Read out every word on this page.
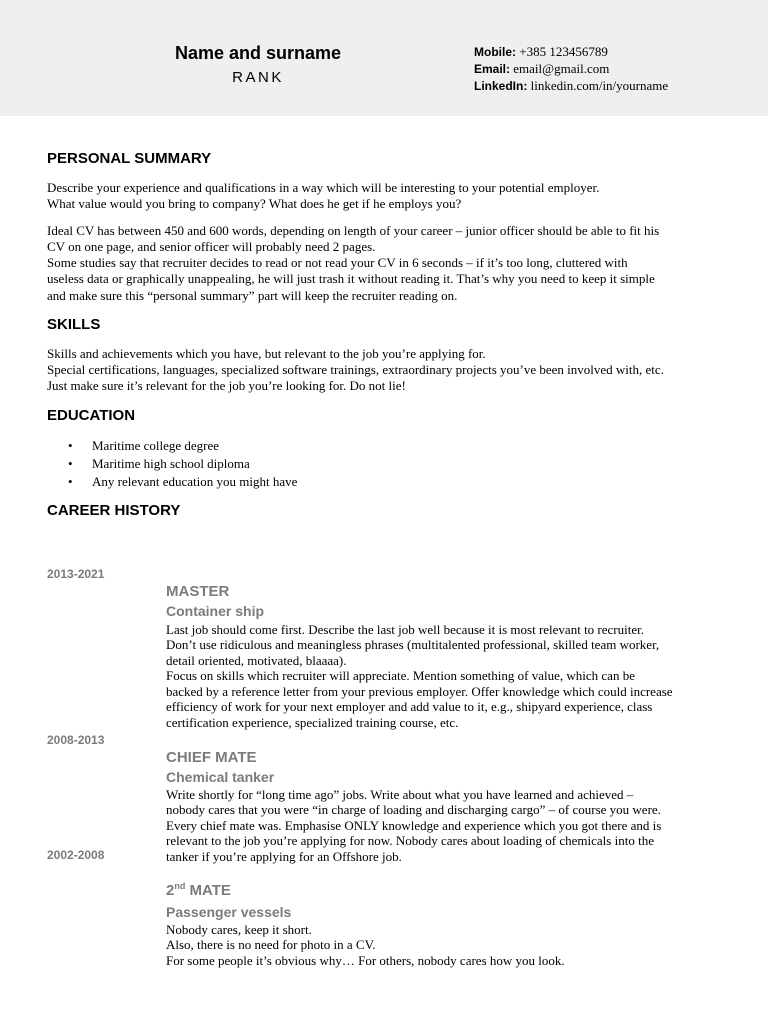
Name and surname
RANK
Mobile: +385 123456789
Email: email@gmail.com
LinkedIn: linkedin.com/in/yourname
PERSONAL SUMMARY
Describe your experience and qualifications in a way which will be interesting to your potential employer.
What value would you bring to company? What does he get if he employs you?
Ideal CV has between 450 and 600 words, depending on length of your career – junior officer should be able to fit his
CV on one page, and senior officer will probably need 2 pages.
Some studies say that recruiter decides to read or not read your CV in 6 seconds – if it’s too long, cluttered with
useless data or graphically unappealing, he will just trash it without reading it. That’s why you need to keep it simple
and make sure this “personal summary” part will keep the recruiter reading on.
SKILLS
Skills and achievements which you have, but relevant to the job you’re applying for.
Special certifications, languages, specialized software trainings, extraordinary projects you’ve been involved with, etc.
Just make sure it’s relevant for the job you’re looking for. Do not lie!
EDUCATION
• Maritime college degree
• Maritime high school diploma
• Any relevant education you might have
CAREER HISTORY
2013-2021
MASTER
Container ship
Last job should come first. Describe the last job well because it is most relevant to recruiter.
Don’t use ridiculous and meaningless phrases (multitalented professional, skilled team worker,
detail oriented, motivated, blaaaa).
Focus on skills which recruiter will appreciate. Mention something of value, which can be
backed by a reference letter from your previous employer. Offer knowledge which could increase
efficiency of work for your next employer and add value to it, e.g., shipyard experience, class
certification experience, specialized training course, etc.
2008-2013
CHIEF MATE
Chemical tanker
Write shortly for “long time ago” jobs. Write about what you have learned and achieved –
nobody cares that you were “in charge of loading and discharging cargo” – of course you were.
Every chief mate was. Emphasise ONLY knowledge and experience which you got there and is
relevant to the job you’re applying for now. Nobody cares about loading of chemicals into the
tanker if you’re applying for an Offshore job.
2002-2008
2nd MATE
Passenger vessels
Nobody cares, keep it short.
Also, there is no need for photo in a CV.
For some people it’s obvious why… For others, nobody cares how you look.
